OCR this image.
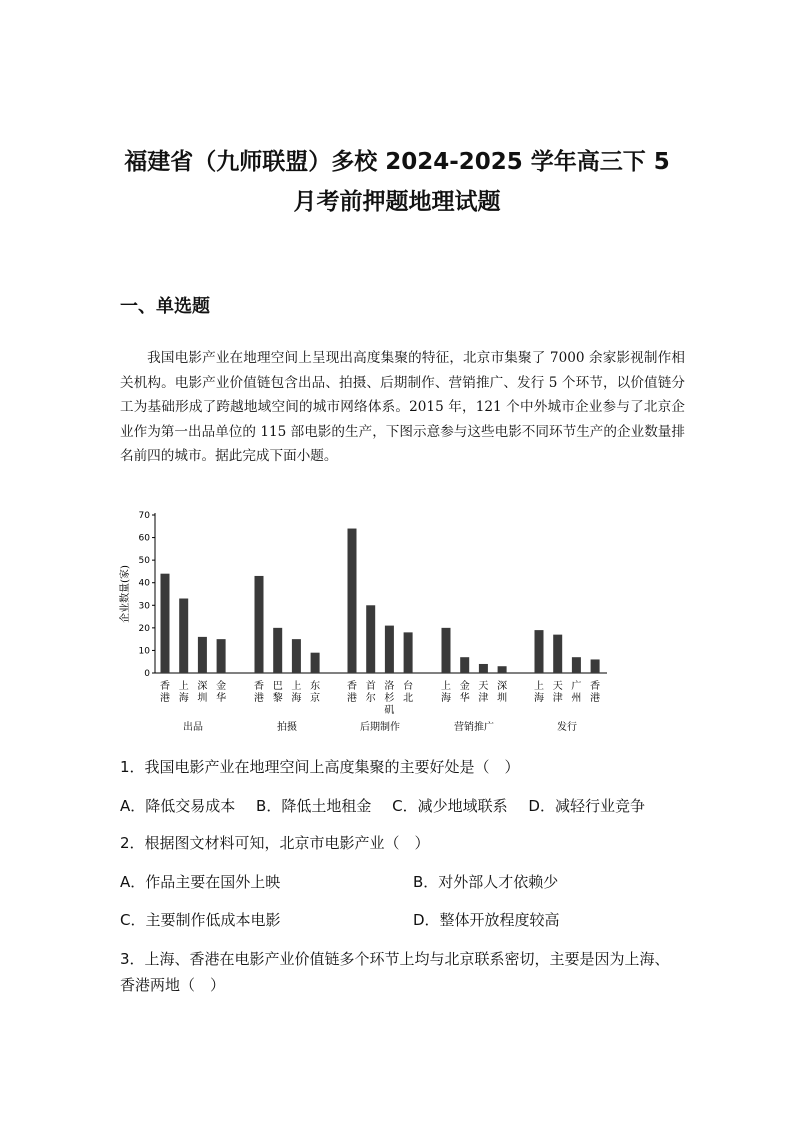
福建省（九师联盟）多校 2024-2025 学年高三下 5
月考前押题地理试题
一、单选题

我国电影产业在地理空间上呈现出高度集聚的特征，北京市集聚了 7000 余家影视制作相关机构。电影产业价值链包含出品、拍摄、后期制作、营销推广、发行 5 个环节，以价值链分工为基础形成了跨越地域空间的城市网络体系。2015 年，121 个中外城市企业参与了北京企业作为第一出品单位的 115 部电影的生产，下图示意参与这些电影不同环节生产的企业数量排名前四的城市。据此完成下面小题。

0
10
20
30
40
50
60
70
企业数量(家)
香
港
上
海
深
圳
金
华
出品
香
港
巴
黎
上
海
东
京
拍摄
香
港
首
尔
洛
杉
矶
台
北
后期制作
上
海
金
华
天
津
深
圳
营销推广
上
海
天
津
广
州
香
港
发行

1．我国电影产业在地理空间上高度集聚的主要好处是（　）

A．降低交易成本 B．降低土地租金 C．减少地域联系 D．减轻行业竞争

2．根据图文材料可知，北京市电影产业（　）

A．作品主要在国外上映	B．对外部人才依赖少
C．主要制作低成本电影	D．整体开放程度较高

3．上海、香港在电影产业价值链多个环节上均与北京联系密切，主要是因为上海、香港两地（　）
